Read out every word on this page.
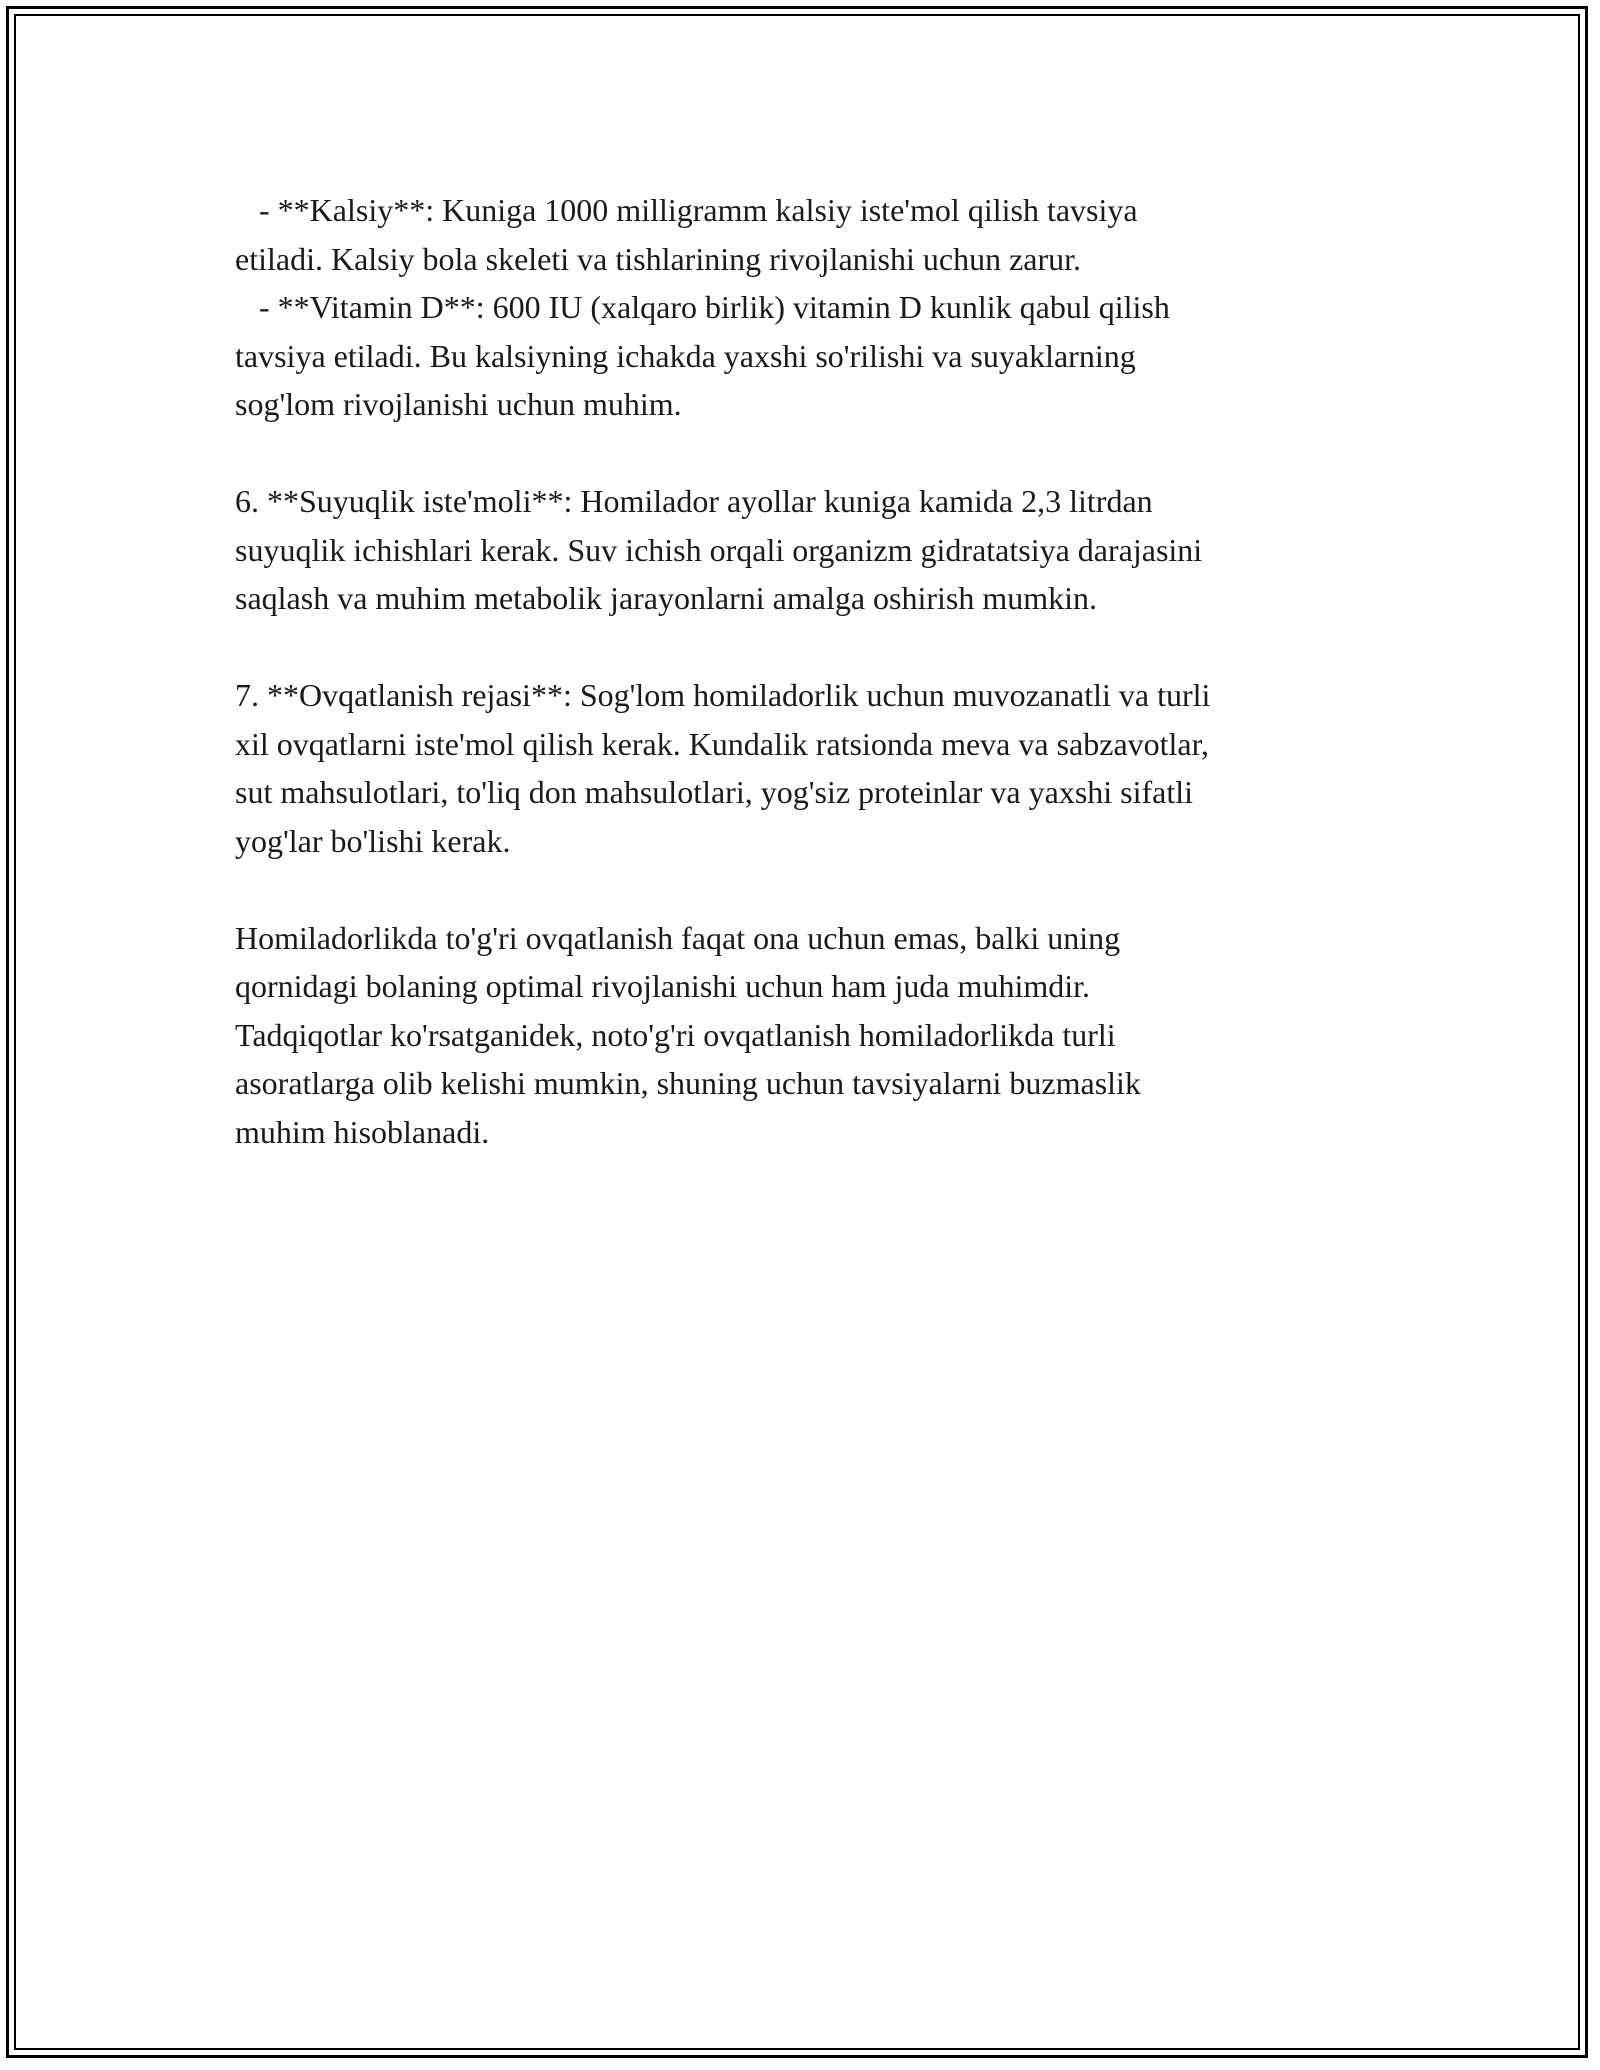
- **Kalsiy**: Kuniga 1000 milligramm kalsiy iste'mol qilish tavsiya
etiladi. Kalsiy bola skeleti va tishlarining rivojlanishi uchun zarur.
- **Vitamin D**: 600 IU (xalqaro birlik) vitamin D kunlik qabul qilish
tavsiya etiladi. Bu kalsiyning ichakda yaxshi so'rilishi va suyaklarning
sog'lom rivojlanishi uchun muhim.

6. **Suyuqlik iste'moli**: Homilador ayollar kuniga kamida 2,3 litrdan
suyuqlik ichishlari kerak. Suv ichish orqali organizm gidratatsiya darajasini
saqlash va muhim metabolik jarayonlarni amalga oshirish mumkin.

7. **Ovqatlanish rejasi**: Sog'lom homiladorlik uchun muvozanatli va turli
xil ovqatlarni iste'mol qilish kerak. Kundalik ratsionda meva va sabzavotlar,
sut mahsulotlari, to'liq don mahsulotlari, yog'siz proteinlar va yaxshi sifatli
yog'lar bo'lishi kerak.

Homiladorlikda to'g'ri ovqatlanish faqat ona uchun emas, balki uning
qornidagi bolaning optimal rivojlanishi uchun ham juda muhimdir.
Tadqiqotlar ko'rsatganidek, noto'g'ri ovqatlanish homiladorlikda turli
asoratlarga olib kelishi mumkin, shuning uchun tavsiyalarni buzmaslik
muhim hisoblanadi.
